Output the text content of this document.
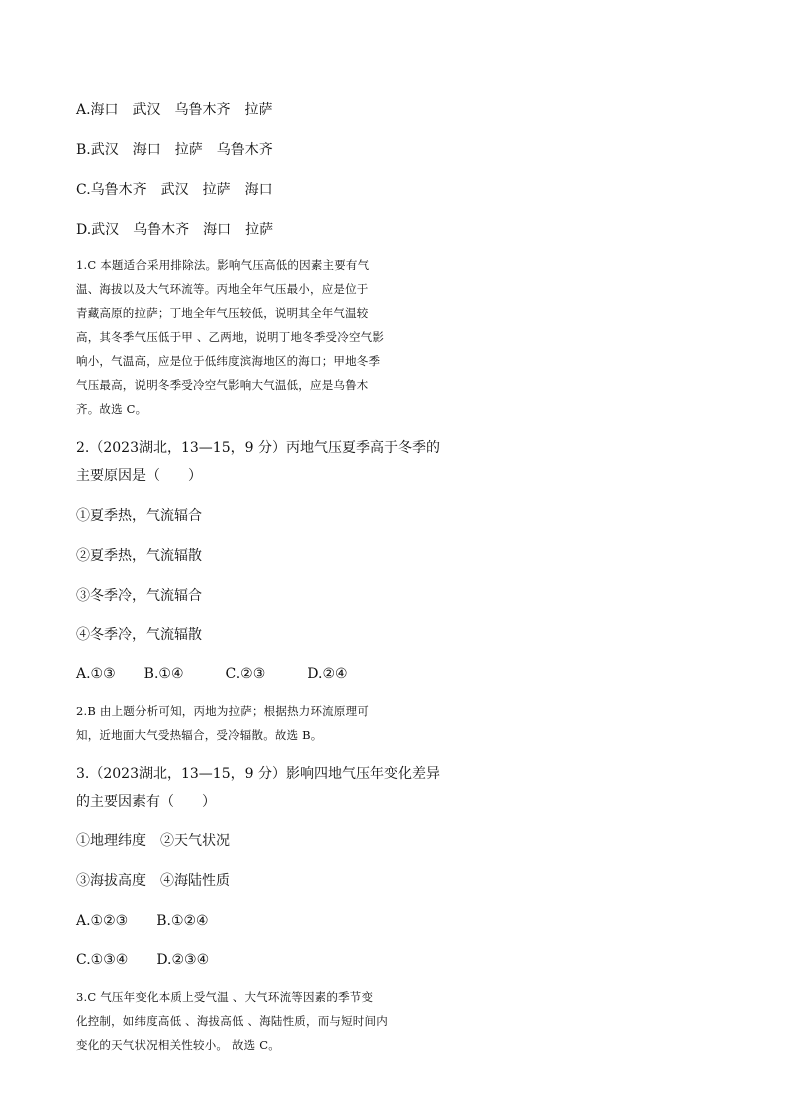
A.海口　武汉　乌鲁木齐　拉萨
B.武汉　海口　拉萨　乌鲁木齐
C.乌鲁木齐　武汉　拉萨　海口
D.武汉　乌鲁木齐　海口　拉萨
1.C 本题适合采用排除法。影响气压高低的因素主要有气
温、海拔以及大气环流等。丙地全年气压最小，应是位于
青藏高原的拉萨；丁地全年气压较低，说明其全年气温较
高，其冬季气压低于甲 、乙两地，说明丁地冬季受冷空气影
响小，气温高，应是位于低纬度滨海地区的海口；甲地冬季
气压最高，说明冬季受冷空气影响大气温低，应是乌鲁木
齐。故选 C。
2.（2023湖北，13—15，9 分）丙地气压夏季高于冬季的
主要原因是（　　）
①夏季热，气流辐合
②夏季热，气流辐散
③冬季冷，气流辐合
④冬季冷，气流辐散
A.①③　　B.①④　　　C.②③　　　D.②④
2.B 由上题分析可知，丙地为拉萨；根据热力环流原理可
知，近地面大气受热辐合，受冷辐散。故选 B。
3.（2023湖北，13—15，9 分）影响四地气压年变化差异
的主要因素有（　　）
①地理纬度　②天气状况
③海拔高度　④海陆性质
A.①②③　　B.①②④
C.①③④　　D.②③④
3.C 气压年变化本质上受气温 、大气环流等因素的季节变
化控制，如纬度高低 、海拔高低 、海陆性质，而与短时间内
变化的天气状况相关性较小。 故选 C。
